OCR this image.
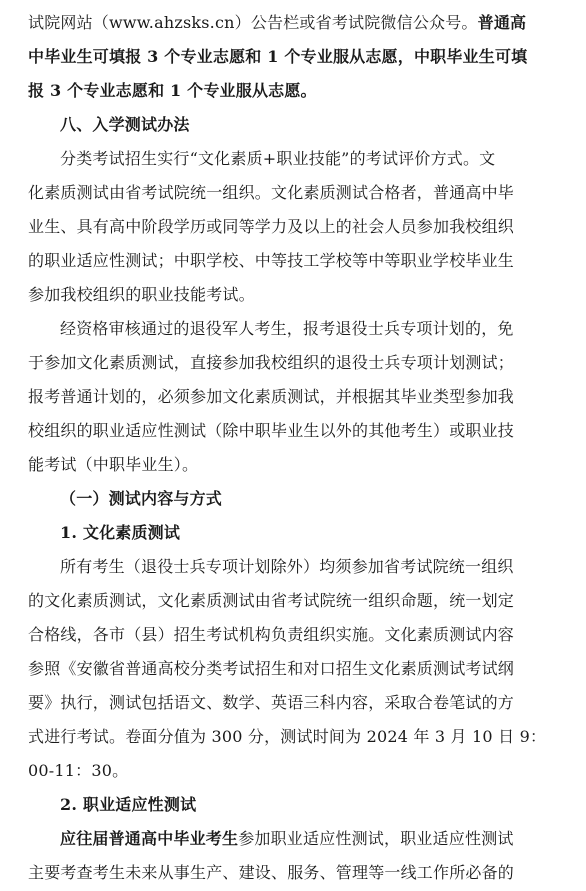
试院网站（www.ahzsks.cn）公告栏或省考试院微信公众号。普通高
中毕业生可填报 3 个专业志愿和 1 个专业服从志愿，中职毕业生可填
报 3 个专业志愿和 1 个专业服从志愿。
八、入学测试办法
分类考试招生实行“文化素质+职业技能”的考试评价方式。文
化素质测试由省考试院统一组织。文化素质测试合格者，普通高中毕
业生、具有高中阶段学历或同等学力及以上的社会人员参加我校组织
的职业适应性测试；中职学校、中等技工学校等中等职业学校毕业生
参加我校组织的职业技能考试。
经资格审核通过的退役军人考生，报考退役士兵专项计划的，免
于参加文化素质测试，直接参加我校组织的退役士兵专项计划测试；
报考普通计划的，必须参加文化素质测试，并根据其毕业类型参加我
校组织的职业适应性测试（除中职毕业生以外的其他考生）或职业技
能考试（中职毕业生）。
（一）测试内容与方式
1. 文化素质测试
所有考生（退役士兵专项计划除外）均须参加省考试院统一组织
的文化素质测试，文化素质测试由省考试院统一组织命题，统一划定
合格线，各市（县）招生考试机构负责组织实施。文化素质测试内容
参照《安徽省普通高校分类考试招生和对口招生文化素质测试考试纲
要》执行，测试包括语文、数学、英语三科内容，采取合卷笔试的方
式进行考试。卷面分值为 300 分，测试时间为 2024 年 3 月 10 日 9：
00-11：30。
2. 职业适应性测试
应往届普通高中毕业考生参加职业适应性测试，职业适应性测试
主要考查考生未来从事生产、建设、服务、管理等一线工作所必备的
